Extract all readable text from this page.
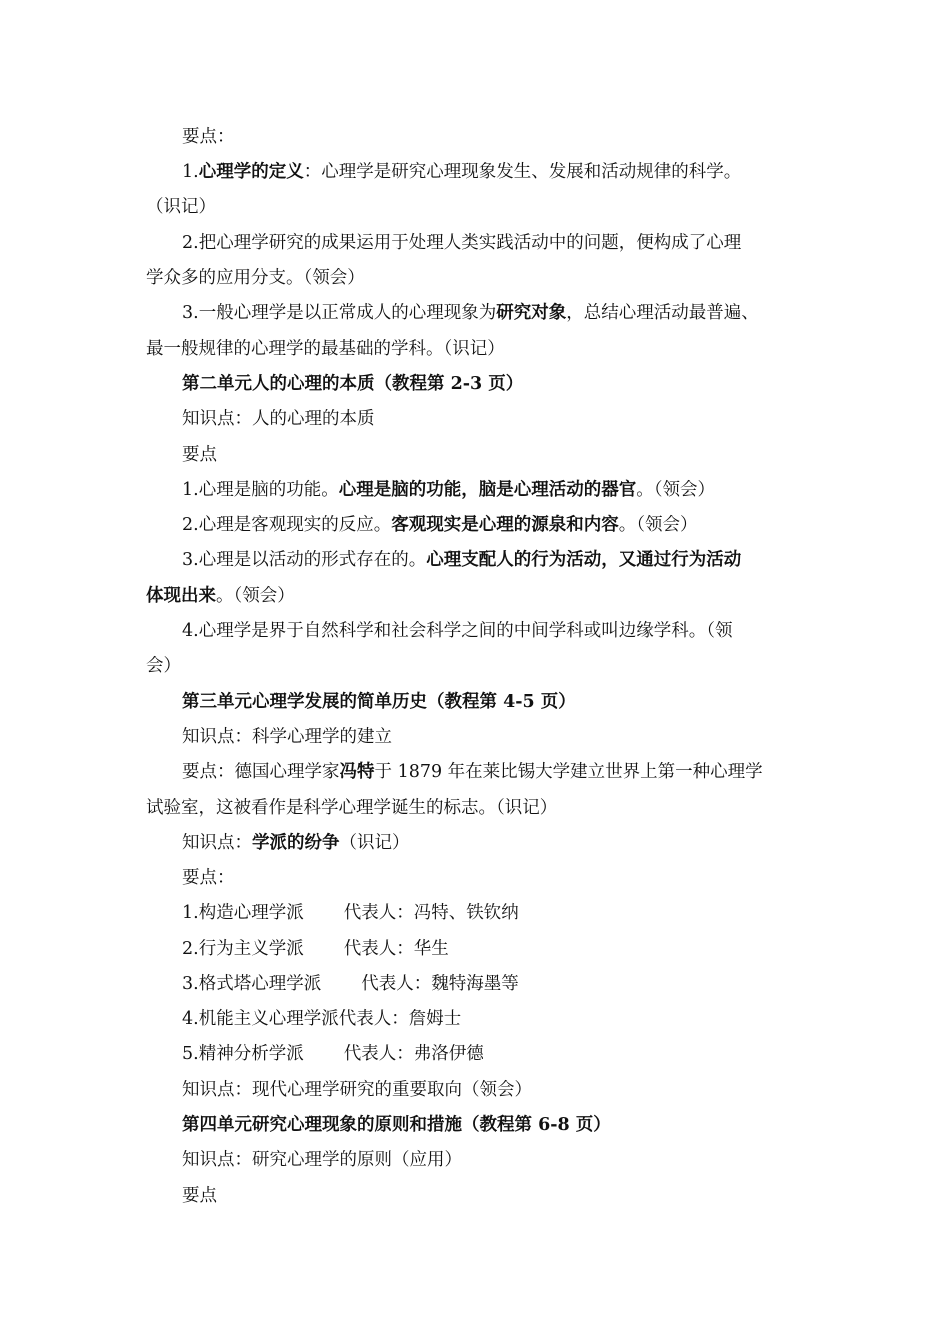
要点：
1.心理学的定义：心理学是研究心理现象发生、发展和活动规律的科学。
（识记）
2.把心理学研究的成果运用于处理人类实践活动中的问题，便构成了心理
学众多的应用分支。（领会）
3.一般心理学是以正常成人的心理现象为研究对象，总结心理活动最普遍、
最一般规律的心理学的最基础的学科。（识记）
第二单元人的心理的本质（教程第 2-3 页）
知识点：人的心理的本质
要点
1.心理是脑的功能。心理是脑的功能，脑是心理活动的器官。（领会）
2.心理是客观现实的反应。客观现实是心理的源泉和内容。（领会）
3.心理是以活动的形式存在的。心理支配人的行为活动，又通过行为活动
体现出来。（领会）
4.心理学是界于自然科学和社会科学之间的中间学科或叫边缘学科。（领
会）
第三单元心理学发展的简单历史（教程第 4-5 页）
知识点：科学心理学的建立
要点：德国心理学家冯特于 1879 年在莱比锡大学建立世界上第一种心理学
试验室，这被看作是科学心理学诞生的标志。（识记）
知识点：学派的纷争（识记）
要点：
1.构造心理学派 代表人：冯特、铁钦纳
2.行为主义学派 代表人：华生
3.格式塔心理学派 代表人：魏特海墨等
4.机能主义心理学派代表人：詹姆士
5.精神分析学派 代表人：弗洛伊德
知识点：现代心理学研究的重要取向（领会）
第四单元研究心理现象的原则和措施（教程第 6-8 页）
知识点：研究心理学的原则（应用）
要点
